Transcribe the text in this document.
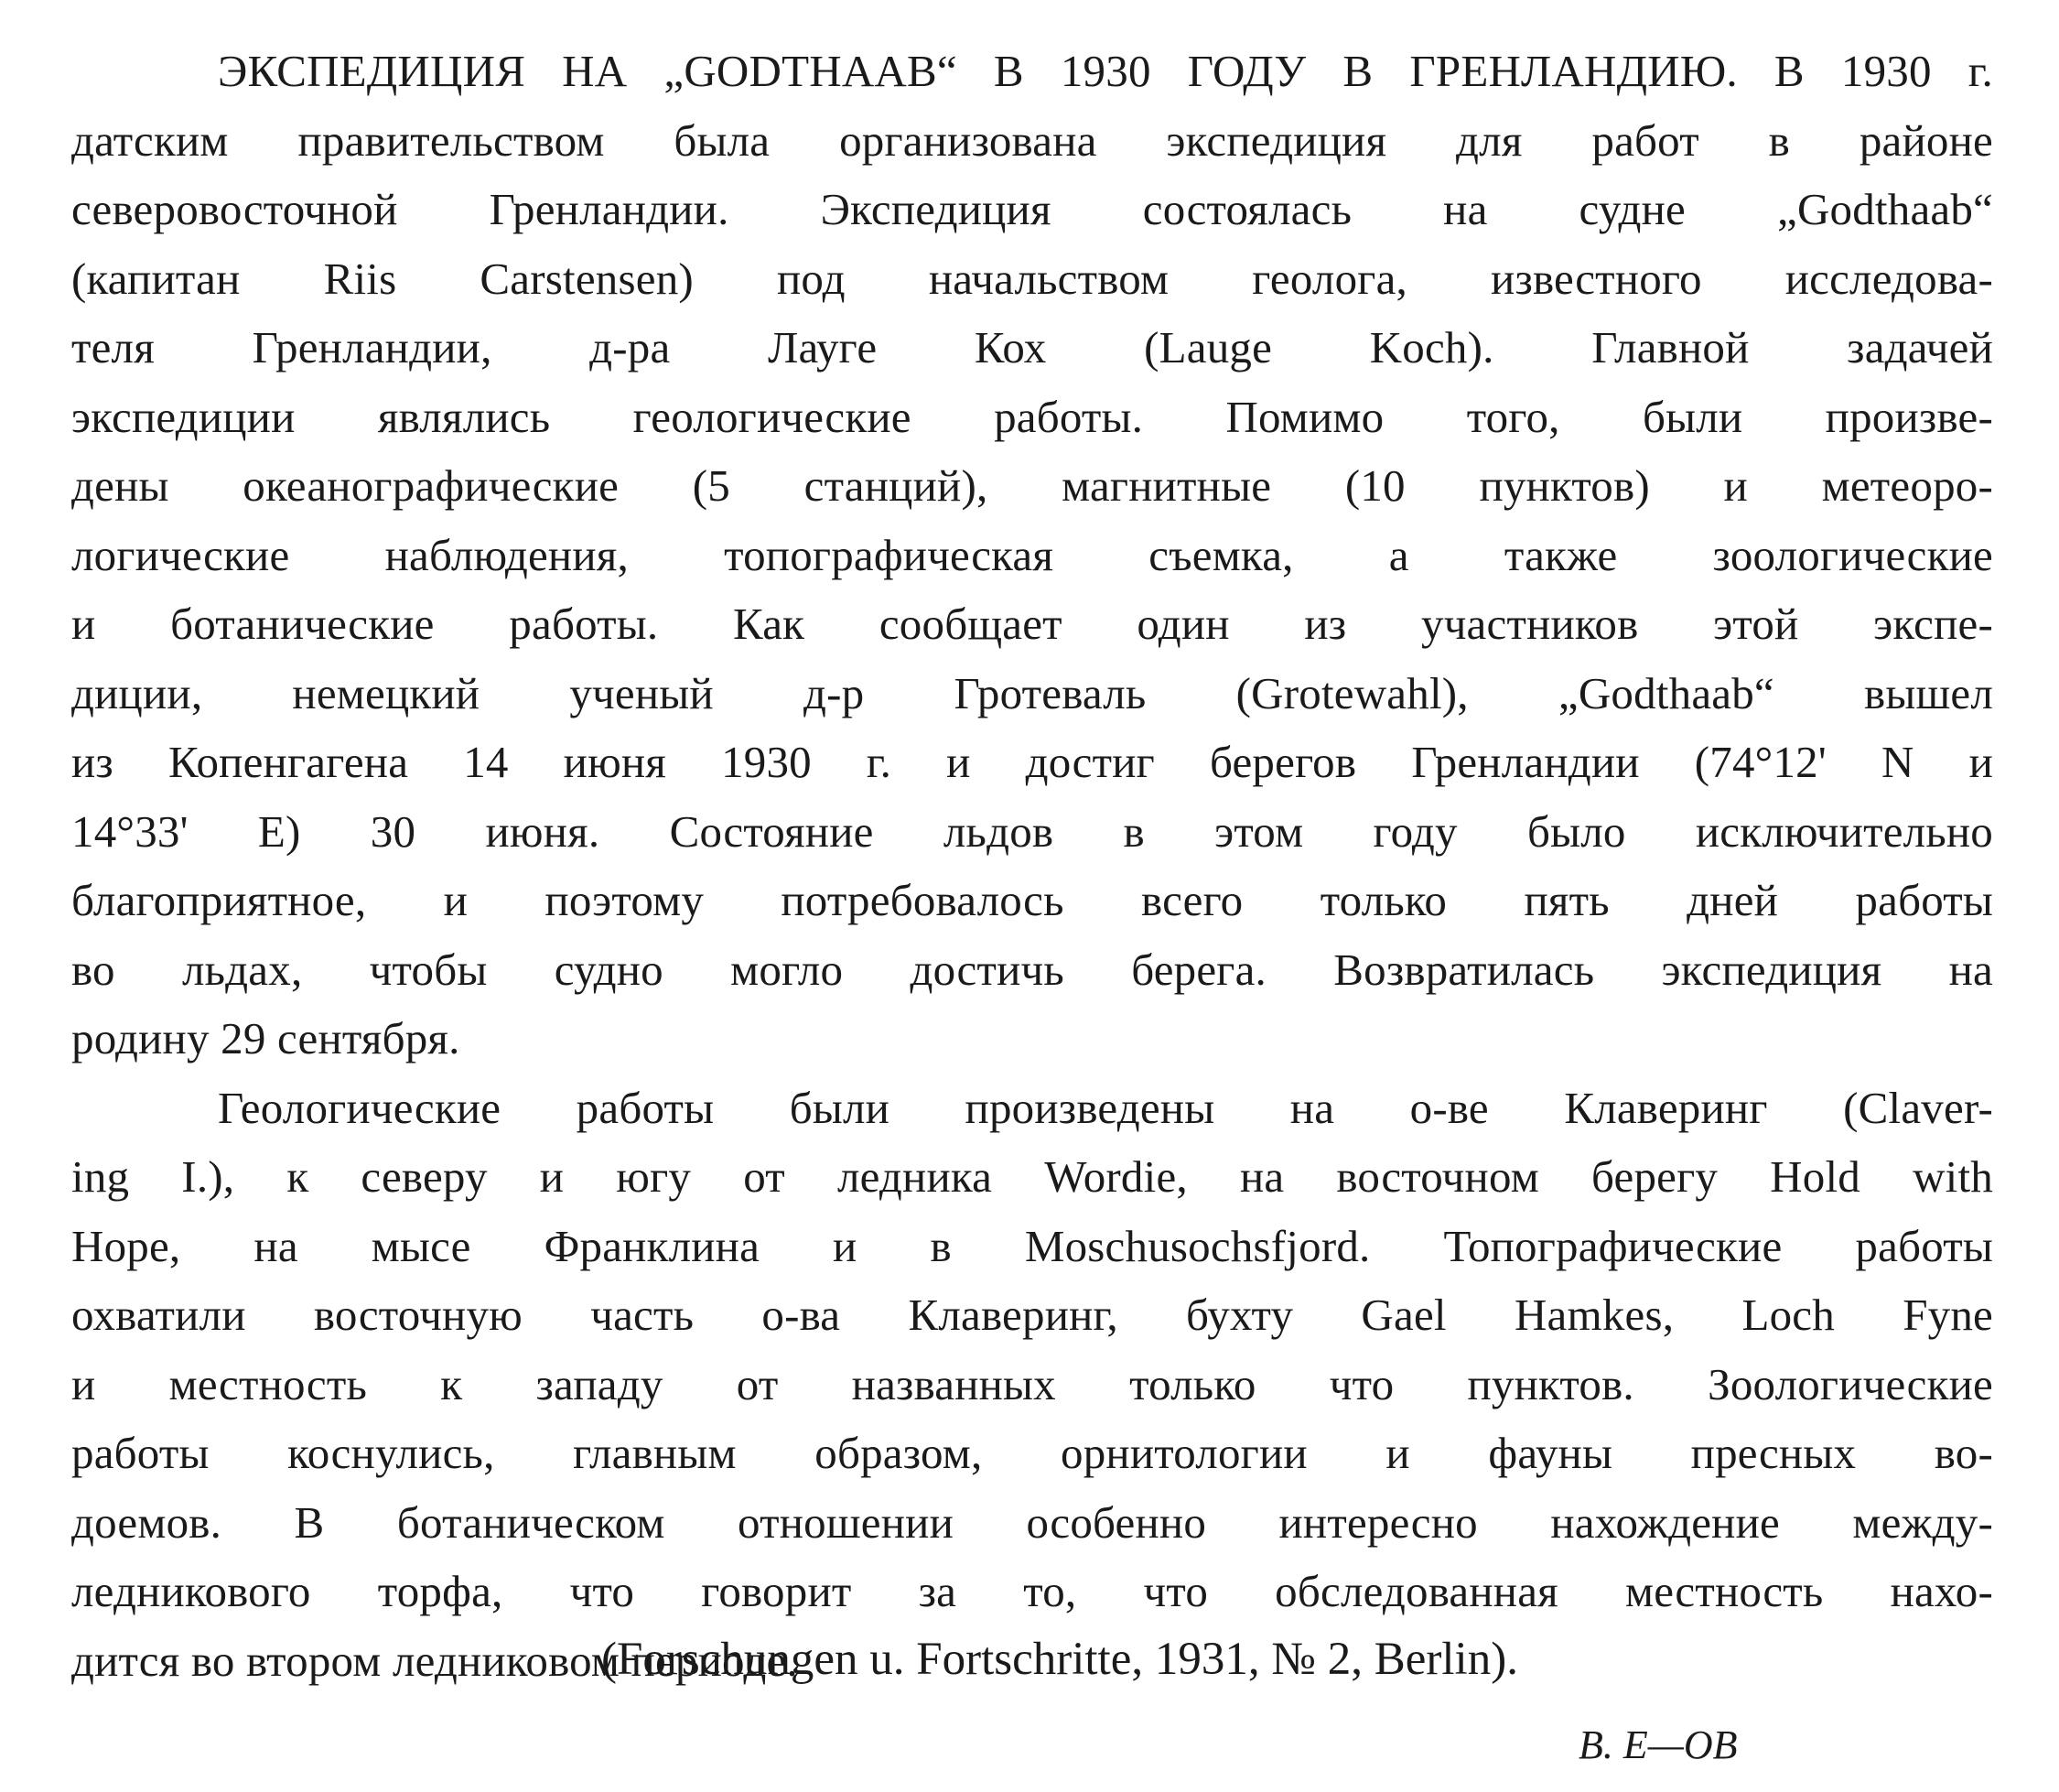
ЭКСПЕДИЦИЯ НА „GODTHAAB“ В 1930 ГОДУ В ГРЕНЛАНДИЮ. В 1930 г.
датским правительством была организована экспедиция для работ в районе
северовосточной Гренландии. Экспедиция состоялась на судне „Godthaab“
(капитан Riis Carstensen) под начальством геолога, известного исследова-
теля Гренландии, д-ра Лауге Кох (Lauge Koch). Главной задачей
экспедиции являлись геологические работы. Помимо того, были произве-
дены океанографические (5 станций), магнитные (10 пунктов) и метеоро-
логические наблюдения, топографическая съемка, а также зоологические
и ботанические работы. Как сообщает один из участников этой экспе-
диции, немецкий ученый д-р Гротеваль (Grotewahl), „Godthaab“ вышел
из Копенгагена 14 июня 1930 г. и достиг берегов Гренландии (74°12' N и
14°33' E) 30 июня. Состояние льдов в этом году было исключительно
благоприятное, и поэтому потребовалось всего только пять дней работы
во льдах, чтобы судно могло достичь берега. Возвратилась экспедиция на
родину 29 сентября.
Геологические работы были произведены на о-ве Клаверинг (Claver-
ing I.), к северу и югу от ледника Wordie, на восточном берегу Hold with
Hope, на мысе Франклина и в Moschusochsfjord. Топографические работы
охватили восточную часть о-ва Клаверинг, бухту Gael Hamkes, Loch Fyne
и местность к западу от названных только что пунктов. Зоологические
работы коснулись, главным образом, орнитологии и фауны пресных во-
доемов. В ботаническом отношении особенно интересно нахождение между-
ледникового торфа, что говорит за то, что обследованная местность нахо-
дится во втором ледниковом периоде.
(Forschungen u. Fortschritte, 1931, № 2, Berlin).
В. Е—ОВ
